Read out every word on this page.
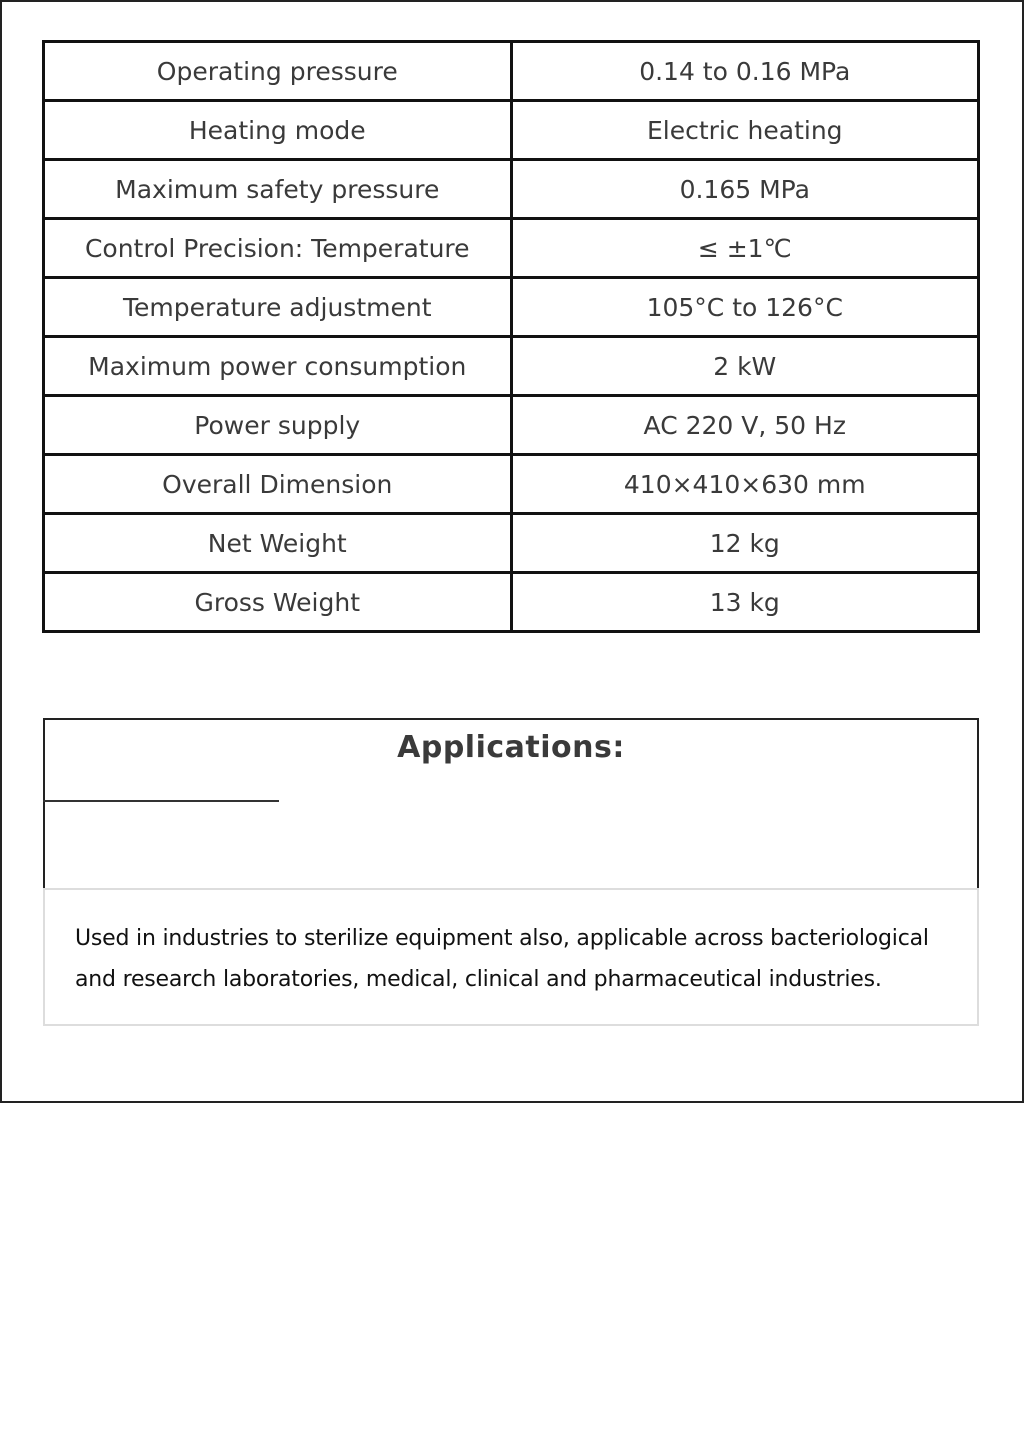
Operating pressure	0.14 to 0.16 MPa
Heating mode	Electric heating
Maximum safety pressure	0.165 MPa
Control Precision: Temperature	≤ ±1℃
Temperature adjustment	105°C to 126°C
Maximum power consumption	2 kW
Power supply	AC 220 V, 50 Hz
Overall Dimension	410×410×630 mm
Net Weight	12 kg
Gross Weight	13 kg
Applications:

Used in industries to sterilize equipment also, applicable across bacteriological and research laboratories, medical, clinical and pharmaceutical industries.
